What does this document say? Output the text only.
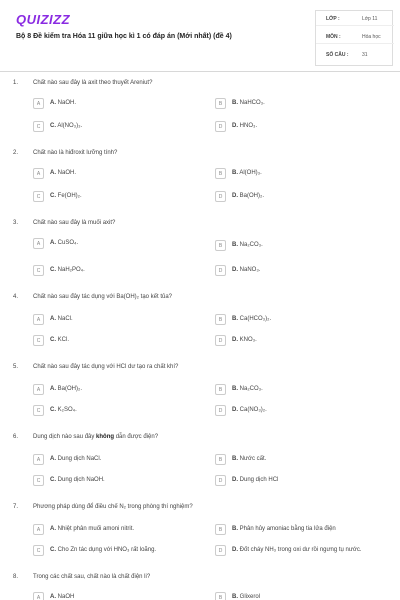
QUIZIZZ
Bộ 8 Đề kiểm tra Hóa 11 giữa học kì 1 có đáp án (Mới nhất) (đề 4)
LỚP :	Lớp 11
MÔN :	Hóa học
SỐ CÂU :	31
1. Chất nào sau đây là axit theo thuyết Areniut?
A	A. NaOH.	B	B. NaHCO₃.
C	C. Al(NO₃)₃.	D	D. HNO₃.
2. Chất nào là hiđroxit lưỡng tính?
A	A. NaOH.	B	B. Al(OH)₃.
C	C. Fe(OH)₂.	D	D. Ba(OH)₂.
3. Chất nào sau đây là muối axit?
A	A. CuSO₄.	B	B. Na₂CO₃.
C	C. NaH₂PO₄.	D	D. NaNO₃.
4. Chất nào sau đây tác dụng với Ba(OH)₂ tạo kết tủa?
A	A. NaCl.	B	B. Ca(HCO₃)₂.
C	C. KCl.	D	D. KNO₃.
5. Chất nào sau đây tác dụng với HCl dư tạo ra chất khí?
A	A. Ba(OH)₂.	B	B. Na₂CO₃.
C	C. K₂SO₄.	D	D. Ca(NO₃)₂.
6. Dung dịch nào sau đây không dẫn được điện?
A	A. Dung dịch NaCl.	B	B. Nước cất.
C	C. Dung dịch NaOH.	D	D. Dung dịch HCl
7. Phương pháp dùng để điều chế N₂ trong phòng thí nghiệm?
A	A. Nhiệt phân muối amoni nitrit.	B	B. Phân hủy amoniac bằng tia lửa điện
C	C. Cho Zn tác dụng với HNO₃ rất loãng.	D	D. Đốt cháy NH₃ trong oxi dư rồi ngưng tụ nước.
8. Trong các chất sau, chất nào là chất điện li?
A	A. NaOH	B	B. Glixerol
